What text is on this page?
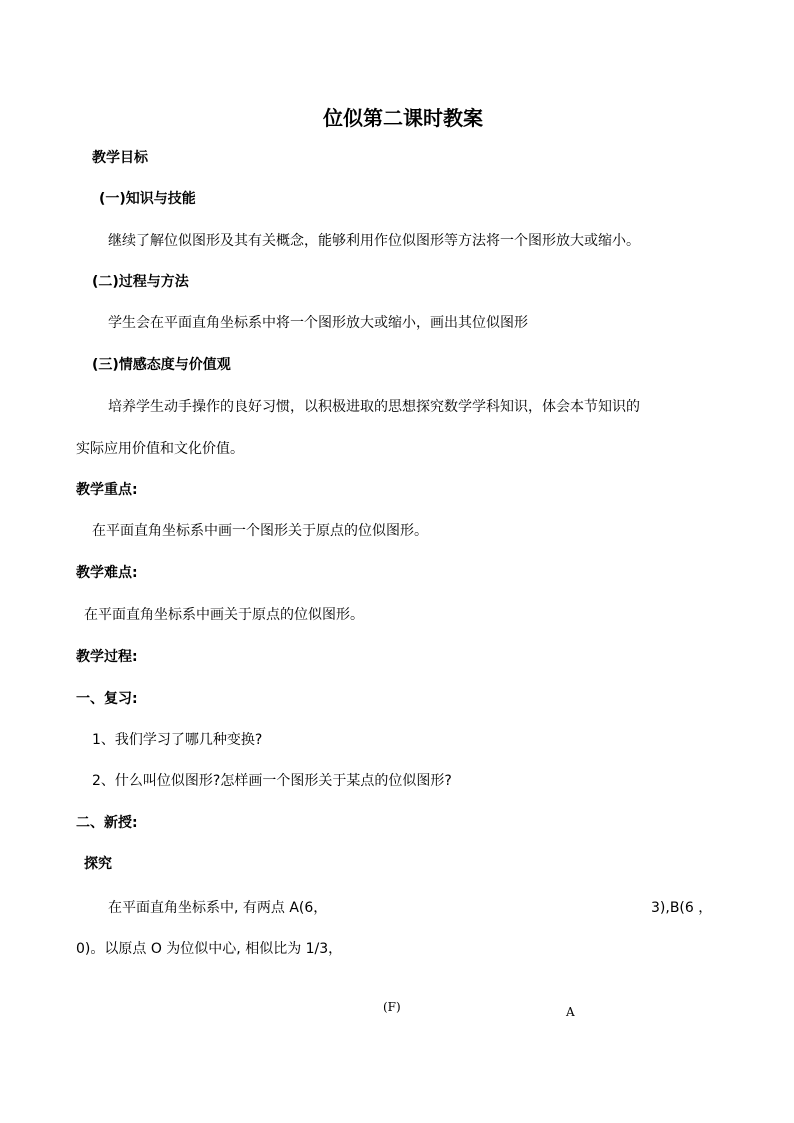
位似第二课时教案
教学目标
(一)知识与技能
继续了解位似图形及其有关概念，能够利用作位似图形等方法将一个图形放大或缩小。
(二)过程与方法
学生会在平面直角坐标系中将一个图形放大或缩小，画出其位似图形
(三)情感态度与价值观
培养学生动手操作的良好习惯，以积极进取的思想探究数学学科知识，体会本节知识的
实际应用价值和文化价值。
教学重点:
在平面直角坐标系中画一个图形关于原点的位似图形。
教学难点:
在平面直角坐标系中画关于原点的位似图形。
教学过程:
一、复习:
1、我们学习了哪几种变换?
2、什么叫位似图形?怎样画一个图形关于某点的位似图形?
二、新授:
探究
在平面直角坐标系中, 有两点 A(6，	3),B(6 ，
0)。以原点 O 为位似中心, 相似比为 1/3，
(F)	A
